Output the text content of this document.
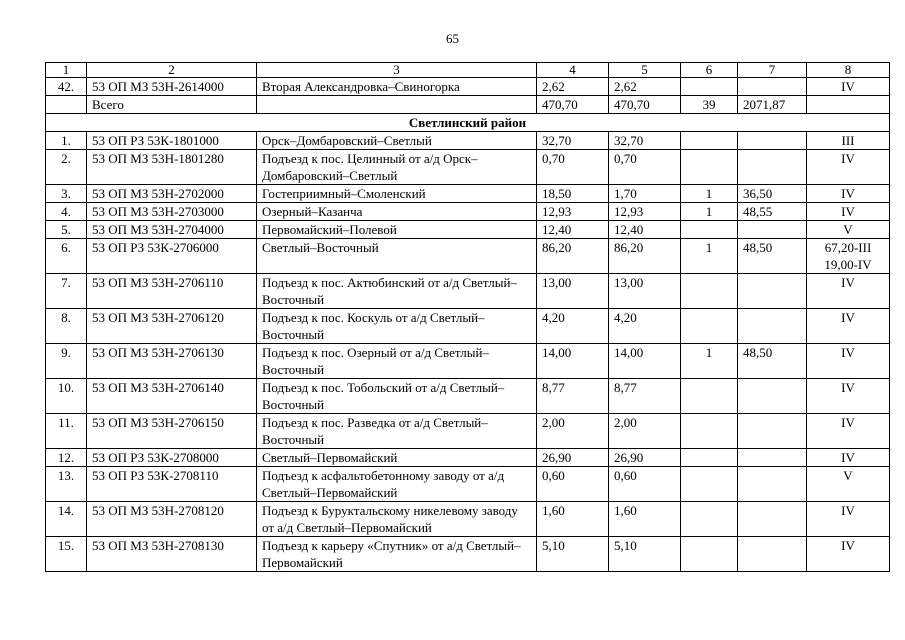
65
1	2	3	4	5	6	7	8
42.	53 ОП МЗ 53Н-2614000	Вторая Александровка–Свиногорка	2,62	2,62			IV

	Всего		470,70	470,70	39	2071,87	

Светлинский район							
1.	53 ОП РЗ 53К-1801000	Орск–Домбаровский–Светлый	32,70	32,70			III

2.	53 ОП МЗ 53Н-1801280	Подъезд к пос. Целинный от а/д Орск–Домбаровский–Светлый	0,70	0,70			IV

3.	53 ОП МЗ 53Н-2702000	Гостеприимный–Смоленский	18,50	1,70	1	36,50	IV

4.	53 ОП МЗ 53Н-2703000	Озерный–Казанча	12,93	12,93	1	48,55	IV

5.	53 ОП МЗ 53Н-2704000	Первомайский–Полевой	12,40	12,40			V

6.	53 ОП РЗ 53К-2706000	Светлый–Восточный	86,20	86,20	1	48,50	67,20-III
19,00-IV

7.	53 ОП МЗ 53Н-2706110	Подъезд к пос. Актюбинский от а/д Светлый–Восточный	13,00	13,00			IV

8.	53 ОП МЗ 53Н-2706120	Подъезд к пос. Коскуль от а/д Светлый–Восточный	4,20	4,20			IV

9.	53 ОП МЗ 53Н-2706130	Подъезд к пос. Озерный от а/д Светлый–Восточный	14,00	14,00	1	48,50	IV

10.	53 ОП МЗ 53Н-2706140	Подъезд к пос. Тобольский от а/д Светлый–Восточный	8,77	8,77			IV

11.	53 ОП МЗ 53Н-2706150	Подъезд к пос. Разведка от а/д Светлый–Восточный	2,00	2,00			IV

12.	53 ОП РЗ 53К-2708000	Светлый–Первомайский	26,90	26,90			IV

13.	53 ОП РЗ 53К-2708110	Подъезд к асфальтобетонному заводу от а/д Светлый–Первомайский	0,60	0,60			V

14.	53 ОП МЗ 53Н-2708120	Подъезд к Буруктальскому никелевому заводу от а/д Светлый–Первомайский	1,60	1,60			IV

15.	53 ОП МЗ 53Н-2708130	Подъезд к карьеру «Спутник» от а/д Светлый–Первомайский	5,10	5,10			IV
